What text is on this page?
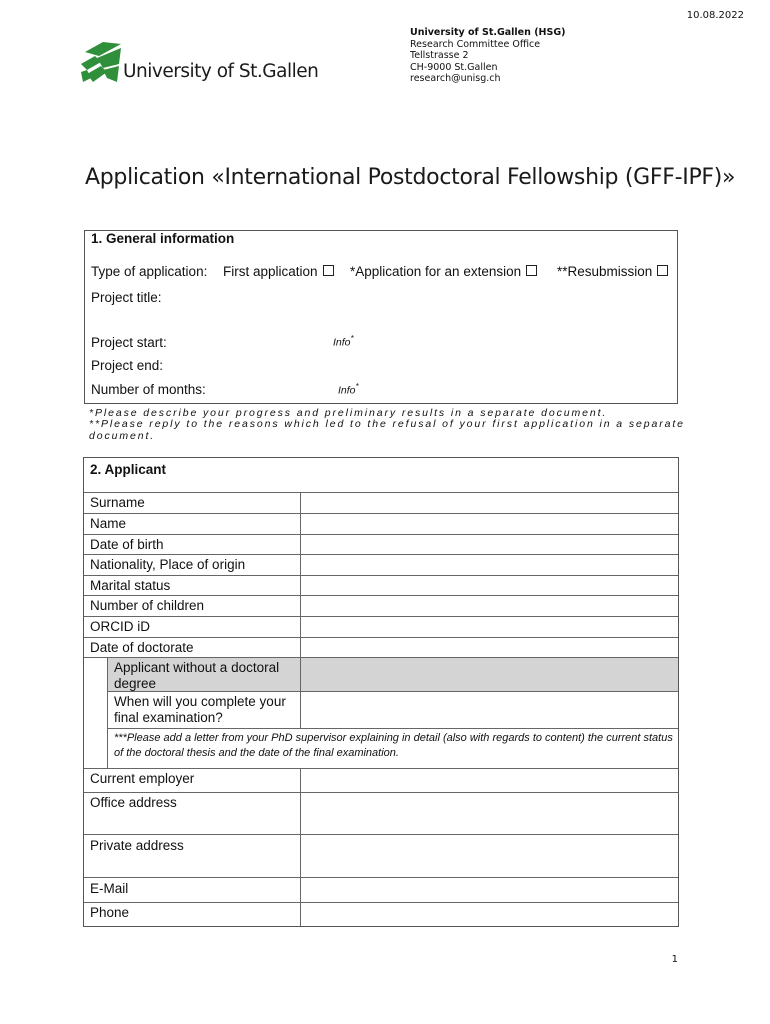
10.08.2022
University of St.Gallen
University of St.Gallen (HSG)
Research Committee Office
Tellstrasse 2
CH-9000 St.Gallen
research@unisg.ch
Application «International Postdoctoral Fellowship (GFF-IPF)»
1. General information
Type of application: First application	*Application for an extension	**Resubmission
Project title:
Project start:	Info*
Project end:
Number of months:	Info*
*Please describe your progress and preliminary results in a separate document.
**Please reply to the reasons which led to the refusal of your first application in a separate document.
2. Applicant
Surname
Name
Date of birth
Nationality, Place of origin
Marital status
Number of children
ORCID iD
Date of doctorate
Applicant without a doctoral degree
When will you complete your final examination?
***Please add a letter from your PhD supervisor explaining in detail (also with regards to content) the current status of the doctoral thesis and the date of the final examination.
Current employer
Office address
Private address
E-Mail
Phone
1
